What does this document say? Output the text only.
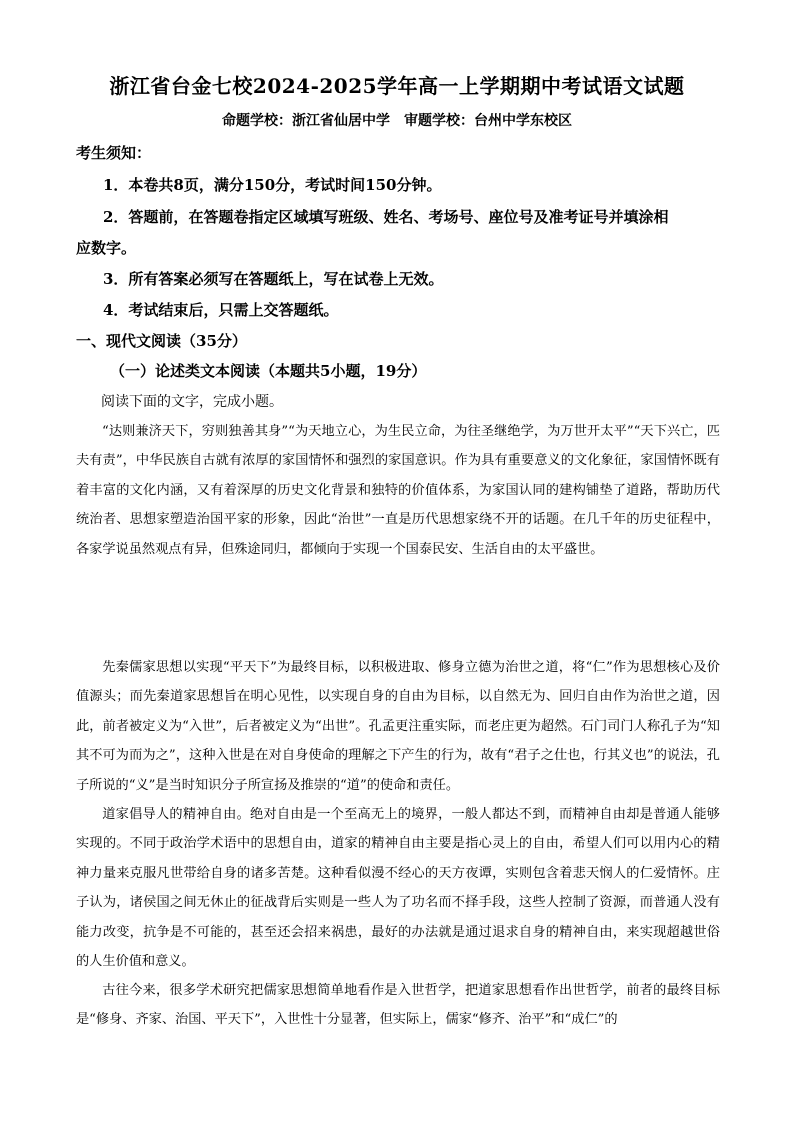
浙江省台金七校2024-2025学年高一上学期期中考试语文试题
命题学校：浙江省仙居中学 审题学校：台州中学东校区
考生须知：
1．本卷共8页，满分150分，考试时间150分钟。
2．答题前，在答题卷指定区域填写班级、姓名、考场号、座位号及准考证号并填涂相
应数字。
3．所有答案必须写在答题纸上，写在试卷上无效。
4．考试结束后，只需上交答题纸。
一、现代文阅读（35分）
（一）论述类文本阅读（本题共5小题，19分）
阅读下面的文字，完成小题。
“达则兼济天下，穷则独善其身”“为天地立心，为生民立命，为往圣继绝学，为万世开太平”“天下兴亡，匹夫有责”，中华民族自古就有浓厚的家国情怀和强烈的家国意识。作为具有重要意义的文化象征，家国情怀既有着丰富的文化内涵，又有着深厚的历史文化背景和独特的价值体系，为家国认同的建构铺垫了道路，帮助历代统治者、思想家塑造治国平家的形象，因此“治世”一直是历代思想家绕不开的话题。在几千年的历史征程中，各家学说虽然观点有异，但殊途同归，都倾向于实现一个国泰民安、生活自由的太平盛世。
先秦儒家思想以实现“平天下”为最终目标，以积极进取、修身立德为治世之道，将“仁”作为思想核心及价值源头；而先秦道家思想旨在明心见性，以实现自身的自由为目标，以自然无为、回归自由作为治世之道，因此，前者被定义为“入世”，后者被定义为“出世”。孔孟更注重实际，而老庄更为超然。石门司门人称孔子为“知其不可为而为之”，这种入世是在对自身使命的理解之下产生的行为，故有“君子之仕也，行其义也”的说法，孔子所说的“义”是当时知识分子所宣扬及推崇的“道”的使命和责任。
道家倡导人的精神自由。绝对自由是一个至高无上的境界，一般人都达不到，而精神自由却是普通人能够实现的。不同于政治学术语中的思想自由，道家的精神自由主要是指心灵上的自由，希望人们可以用内心的精神力量来克服凡世带给自身的诸多苦楚。这种看似漫不经心的天方夜谭，实则包含着悲天悯人的仁爱情怀。庄子认为，诸侯国之间无休止的征战背后实则是一些人为了功名而不择手段，这些人控制了资源，而普通人没有能力改变，抗争是不可能的，甚至还会招来祸患，最好的办法就是通过退求自身的精神自由，来实现超越世俗的人生价值和意义。
古往今来，很多学术研究把儒家思想简单地看作是入世哲学，把道家思想看作出世哲学，前者的最终目标是“修身、齐家、治国、平天下”，入世性十分显著，但实际上，儒家“修齐、治平”和“成仁”的
